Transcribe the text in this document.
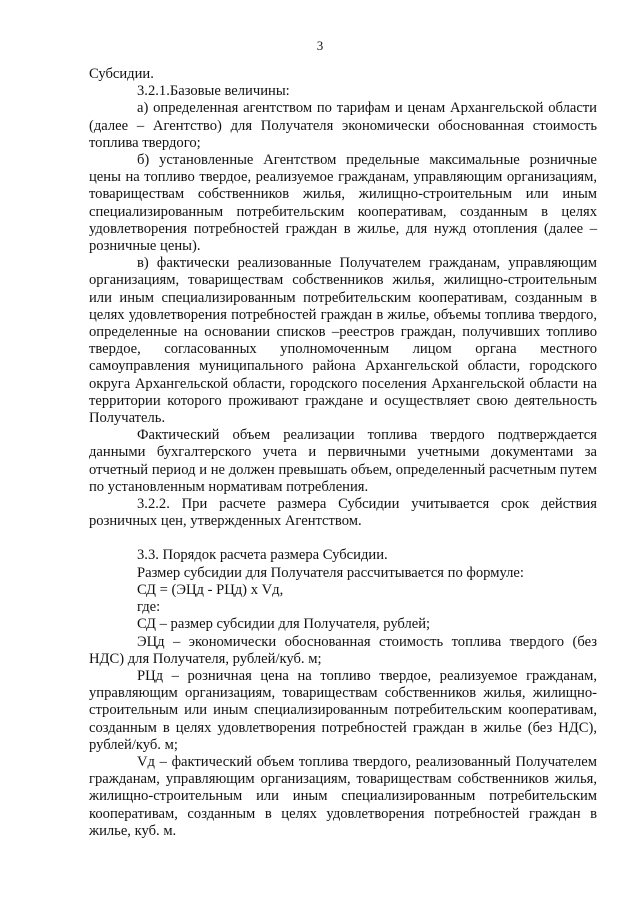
3

Субсидии.

3.2.1.Базовые величины:

а) определенная агентством по тарифам и ценам Архангельской области (далее – Агентство) для Получателя экономически обоснованная стоимость топлива твердого;

б) установленные Агентством предельные максимальные розничные цены на топливо твердое, реализуемое гражданам, управляющим организациям, товариществам собственников жилья, жилищно-строительным или иным специализированным потребительским кооперативам, созданным в целях удовлетворения потребностей граждан в жилье, для нужд отопления (далее – розничные цены).

в) фактически реализованные Получателем гражданам, управляющим организациям, товариществам собственников жилья, жилищно-строительным или иным специализированным потребительским кооперативам, созданным в целях удовлетворения потребностей граждан в жилье, объемы топлива твердого, определенные на основании списков –реестров граждан, получивших топливо твердое, согласованных уполномоченным лицом органа местного самоуправления муниципального района Архангельской области, городского округа Архангельской области, городского поселения Архангельской области на территории которого проживают граждане и осуществляет свою деятельность Получатель.

Фактический объем реализации топлива твердого подтверждается данными бухгалтерского учета и первичными учетными документами за отчетный период и не должен превышать объем, определенный расчетным путем по установленным нормативам потребления.

3.2.2. При расчете размера Субсидии учитывается срок действия розничных цен, утвержденных Агентством.

3.3. Порядок расчета размера Субсидии.

Размер субсидии для Получателя рассчитывается по формуле:

СД = (ЭЦд - РЦд) х Vд,

где:

СД – размер субсидии для Получателя, рублей;

ЭЦд – экономически обоснованная стоимость топлива твердого (без НДС) для Получателя, рублей/куб. м;

РЦд – розничная цена на топливо твердое, реализуемое гражданам, управляющим организациям, товариществам собственников жилья, жилищно-строительным или иным специализированным потребительским кооперативам, созданным в целях удовлетворения потребностей граждан в жилье (без НДС), рублей/куб. м;

Vд – фактический объем топлива твердого, реализованный Получателем гражданам, управляющим организациям, товариществам собственников жилья, жилищно-строительным или иным специализированным потребительским кооперативам, созданным в целях удовлетворения потребностей граждан в жилье, куб. м.
